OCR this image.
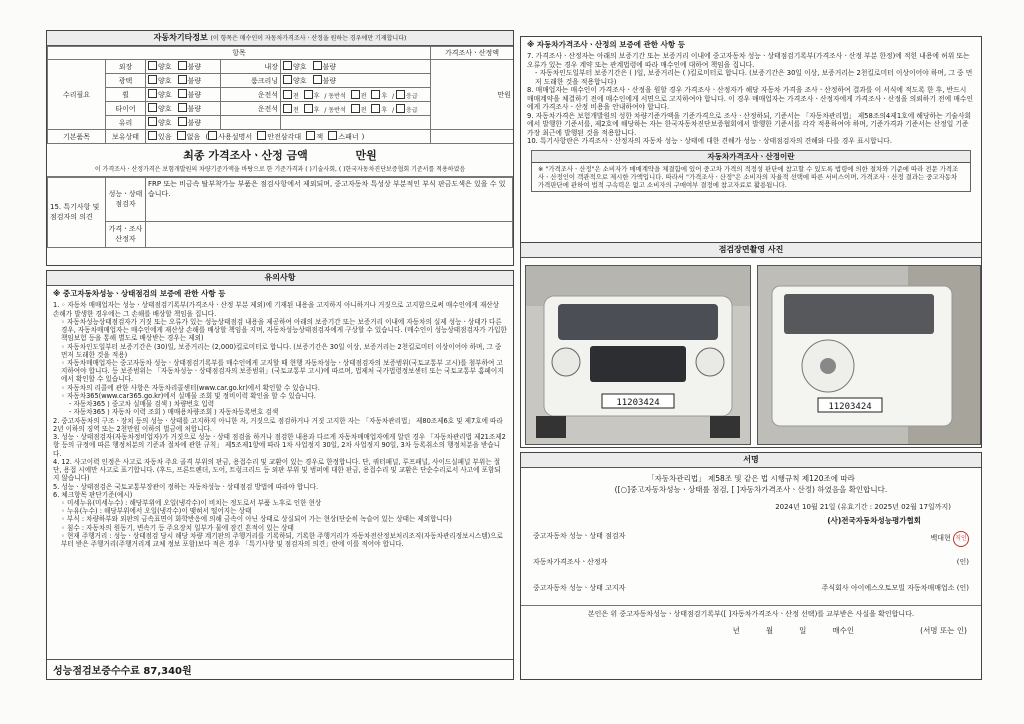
자동차기타정보 (이 항목은 매수인이 자동차가격조사ㆍ산정을 원하는 경우에만 기재합니다)
항목					가격조사ㆍ산정액
수리필요	외장	양호 불량	내장	양호 불량	만원
	광택	양호 불량	룸크리닝	양호 불량	
	휠	양호 불량	운전석	전 후 / 동반석 전 후 / 응급	
	타이어	양호 불량	운전석	전 후 / 동반석 전 후 / 응급	
	유리	양호 불량			
기본품목	보유상태	있음 없음 ( 사용설명서 안전삼각대 잭 스패너 )			
최종 가격조사ㆍ산정 금액	만원
이 가격조사ㆍ산정가격은 보험개발원의 차량기준가액을 바탕으로 한 기준가격과 ( )기술사회, ( )한국자동차진단보증협회 기준서를 적용하였음
15. 특기사항 및 점검자의 의견	성능ㆍ상태 점검자	FRP 또는 비금속 탈부착가능 부품은 점검사항에서 제외되며, 중고자동차 특성상 부분적인 부식 판금도색은 있을 수 있습니다.
	가격ㆍ조사 산정자	
유의사항
※ 중고자동차성능ㆍ상태점검의 보증에 관한 사항 등
1. ◦ 자동차 매매업자는 성능ㆍ상태점검기록부(가격조사ㆍ산정 부분 제외)에 기재된 내용을 고지하지 아니하거나 거짓으로 고지함으로써 매수인에게 재산상 손해가 발생한 경우에는 그 손해를 배상할 책임을 집니다.
◦ 자동차성능상태점검자가 거짓 또는 오류가 있는 성능상태점검 내용을 제공하여 아래의 보증기간 또는 보증거리 이내에 자동차의 실제 성능ㆍ상태가 다른 경우, 자동차매매업자는 매수인에게 재산상 손해를 배상할 책임을 지며, 자동차성능상태점검자에게 구상할 수 있습니다. (매수인이 성능상태점검자가 가입한 책임보험 등을 통해 별도로 배상받는 경우는 제외)
◦ 자동차인도일부터 보증기간은 (30)일, 보증거리는 (2,000)킬로미터로 합니다. (보증기간은 30일 이상, 보증거리는 2천킬로미터 이상이어야 하며, 그 중 먼저 도래한 것을 적용)
◦ 자동차매매업자는 중고자동차 성능ㆍ상태점검기록부를 매수인에게 고지할 때 현행 자동차성능ㆍ상태점검자의 보증범위(국토교통부 고시)를 첨부하여 고지하여야 합니다. 등 보증범위는 「자동차성능ㆍ상태점검자의 보증범위」(국토교통부 고시)에 따르며, 법제처 국가법령정보센터 또는 국토교통부 홈페이지에서 확인할 수 있습니다.
◦ 자동차의 리콜에 관한 사항은 자동차리콜센터(www.car.go.kr)에서 확인할 수 있습니다.
◦ 자동차365(www.car365.go.kr)에서 실매물 조회 및 정비이력 확인을 할 수 있습니다.
- 자동차365 ⟩ 중고차 실매물 검색 ⟩ 차량번호 입력
- 자동차365 ⟩ 자동차 이력 조회 ⟩ 매매용차량조회 ⟩ 자동차등록번호 검색
2. 중고자동차의 구조ㆍ장치 등의 성능ㆍ상태를 고지하지 아니한 자, 거짓으로 점검하거나 거짓 고지한 자는 「자동차관리법」 제80조제6호 및 제7호에 따라 2년 이하의 징역 또는 2천만원 이하의 벌금에 처합니다.
3. 성능ㆍ상태점검자(자동차정비업자)가 거짓으로 성능ㆍ상태 점검을 하거나 점검한 내용과 다르게 자동차매매업자에게 알린 경우 「자동차관리법 제21조제2항 등의 규정에 따른 행정처분의 기준과 절차에 관한 규칙」 제5조제1항에 따라 1차 사업정지 30일, 2차 사업정지 90일, 3차 등록취소의 행정처분을 받습니다.
4. 12. 사고이력 인정은 사고로 자동차 주요 골격 부위의 판금, 용접수리 및 교환이 있는 경우로 한정합니다. 단, 쿼터패널, 루프패널, 사이드실패널 부위는 절단, 용접 시에만 사고로 표기합니다. (후드, 프론트펜더, 도어, 트렁크리드 등 외판 부위 및 범퍼에 대한 판금, 용접수리 및 교환은 단순수리로서 사고에 포함되지 않습니다)
5. 성능ㆍ상태점검은 국토교통부장관이 정하는 자동차성능ㆍ상태점검 방법에 따라야 합니다.
6. 체크항목 판단기준(예시)
◦ 미세누유(미세누수) : 해당부위에 오일(냉각수)이 비치는 정도로서 부품 노후로 인한 현상
◦ 누유(누수) : 해당부위에서 오일(냉각수)이 맺혀서 떨어지는 상태
◦ 부식 : 차량하부와 외판의 금속표면이 화학반응에 의해 금속이 아닌 상태로 상실되어 가는 현상(단순히 녹슬어 있는 상태는 제외합니다)
◦ 침수 : 자동차의 원동기, 변속기 등 주요장치 일부가 물에 잠긴 흔적이 있는 상태
◦ 현재 주행거리 : 성능ㆍ상태점검 당시 해당 차량 계기판의 주행거리를 기록하되, 기록한 주행거리가 자동차전산정보처리조직(자동차관리정보시스템)으로부터 받은 주행거리(주행거리계 교체 정보 포함)보다 적은 경우 「특기사항 및 점검자의 의견」란에 이를 적어야 합니다.
성능점검보증수수료 87,340원
※ 자동차가격조사ㆍ산정의 보증에 관한 사항 등
7. 가격조사ㆍ산정자는 아래의 보증기간 또는 보증거리 이내에 중고자동차 성능ㆍ상태점검기록부(가격조사ㆍ산정 부분 한정)에 적힌 내용에 허위 또는 오류가 있는 경우 계약 또는 관계법령에 따라 매수인에 대하여 책임을 집니다.
- 자동차인도일부터 보증기간은 ( )일, 보증거리는 ( )킬로미터로 합니다. (보증기간은 30일 이상, 보증거리는 2천킬로미터 이상이어야 하며, 그 중 먼저 도래한 것을 적용합니다)
8. 매매업자는 매수인이 가격조사ㆍ산정을 원할 경우 가격조사ㆍ산정자가 해당 자동차 가격을 조사ㆍ산정하여 결과를 이 서식에 적도록 한 후, 반드시 매매계약을 체결하기 전에 매수인에게 서면으로 고지하여야 합니다. 이 경우 매매업자는 가격조사ㆍ산정자에게 가격조사ㆍ산정을 의뢰하기 전에 매수인에게 가격조사ㆍ산정 비용을 안내하여야 합니다.
9. 자동차가격은 보험개발원의 성한 차량기준가액을 기준가격으로 조사ㆍ산정하되, 기준서는 「자동차관리법」 제58조의4제1호에 해당하는 기술사회에서 발행한 기준서를, 제2호에 해당하는 자는 한국자동차진단보증협회에서 발행한 기준서를 각각 적용하여야 하며, 기준가격과 기준서는 산정일 기준 가장 최근에 발행된 것을 적용합니다.
10. 특기사항란은 가격조사ㆍ산정자의 자동차 성능ㆍ상태에 대한 견해가 성능ㆍ상태점검자의 견해와 다를 경우 표시합니다.
자동차가격조사ㆍ산정이란
※ "가격조사ㆍ산정"은 소비자가 매매계약을 체결함에 있어 중고차 가격의 적정성 판단에 참고할 수 있도록 법령에 의한 절차와 기준에 따라 전문 가격조사ㆍ산정인이 객관적으로 제시한 가액입니다. 따라서 "가격조사ㆍ산정"은 소비자의 자율적 선택에 따른 서비스이며, 가격조사ㆍ산정 결과는 중고자동차 가격판단에 관하여 법적 구속력은 없고 소비자의 구매여부 결정에 참고자료로 활용됩니다.
점검장면촬영 사진
11203424	11203424
서명
「자동차관리법」 제58조 및 같은 법 시행규칙 제120조에 따라
([○]중고자동차성능ㆍ상태를 점검, [ ]자동차가격조사ㆍ산정) 하였음을 확인합니다.
2024년 10월 21일 (유효기간 : 2025년 02월 17일까지)
(사)전국자동차성능평가협회
중고자동차 성능ㆍ상태 점검자	백대현 직인
자동차가격조사ㆍ산정자	(인)
중고자동차 성능ㆍ상태 고지자	주식회사 아이에스오토모빌 자동차매매업소 (인)
본인은 위 중고자동차성능ㆍ상태점검기록부([ ]자동차가격조사ㆍ산정 선택)를 교부받은 사실을 확인합니다.
년	월	일	매수인	(서명 또는 인)
